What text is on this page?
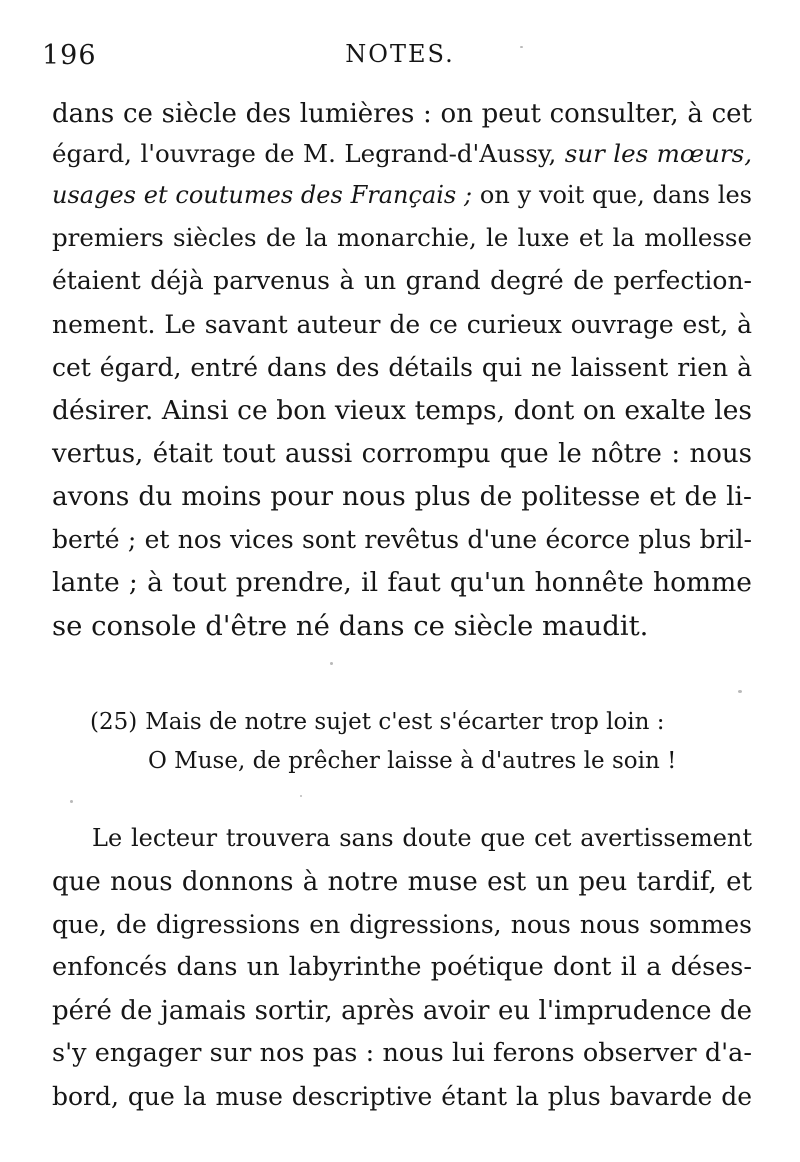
196	NOTES.
dans ce siècle des lumières : on peut consulter, à cet
égard, l'ouvrage de M. Legrand-d'Aussy, sur les mœurs,
usages et coutumes des Français ; on y voit que, dans les
premiers siècles de la monarchie, le luxe et la mollesse
étaient déjà parvenus à un grand degré de perfection-
nement. Le savant auteur de ce curieux ouvrage est, à
cet égard, entré dans des détails qui ne laissent rien à
désirer. Ainsi ce bon vieux temps, dont on exalte les
vertus, était tout aussi corrompu que le nôtre : nous
avons du moins pour nous plus de politesse et de li-
berté ; et nos vices sont revêtus d'une écorce plus bril-
lante ; à tout prendre, il faut qu'un honnête homme
se console d'être né dans ce siècle maudit.
(25) Mais de notre sujet c'est s'écarter trop loin :
O Muse, de prêcher laisse à d'autres le soin !
Le lecteur trouvera sans doute que cet avertissement
que nous donnons à notre muse est un peu tardif, et
que, de digressions en digressions, nous nous sommes
enfoncés dans un labyrinthe poétique dont il a déses-
péré de jamais sortir, après avoir eu l'imprudence de
s'y engager sur nos pas : nous lui ferons observer d'a-
bord, que la muse descriptive étant la plus bavarde de
